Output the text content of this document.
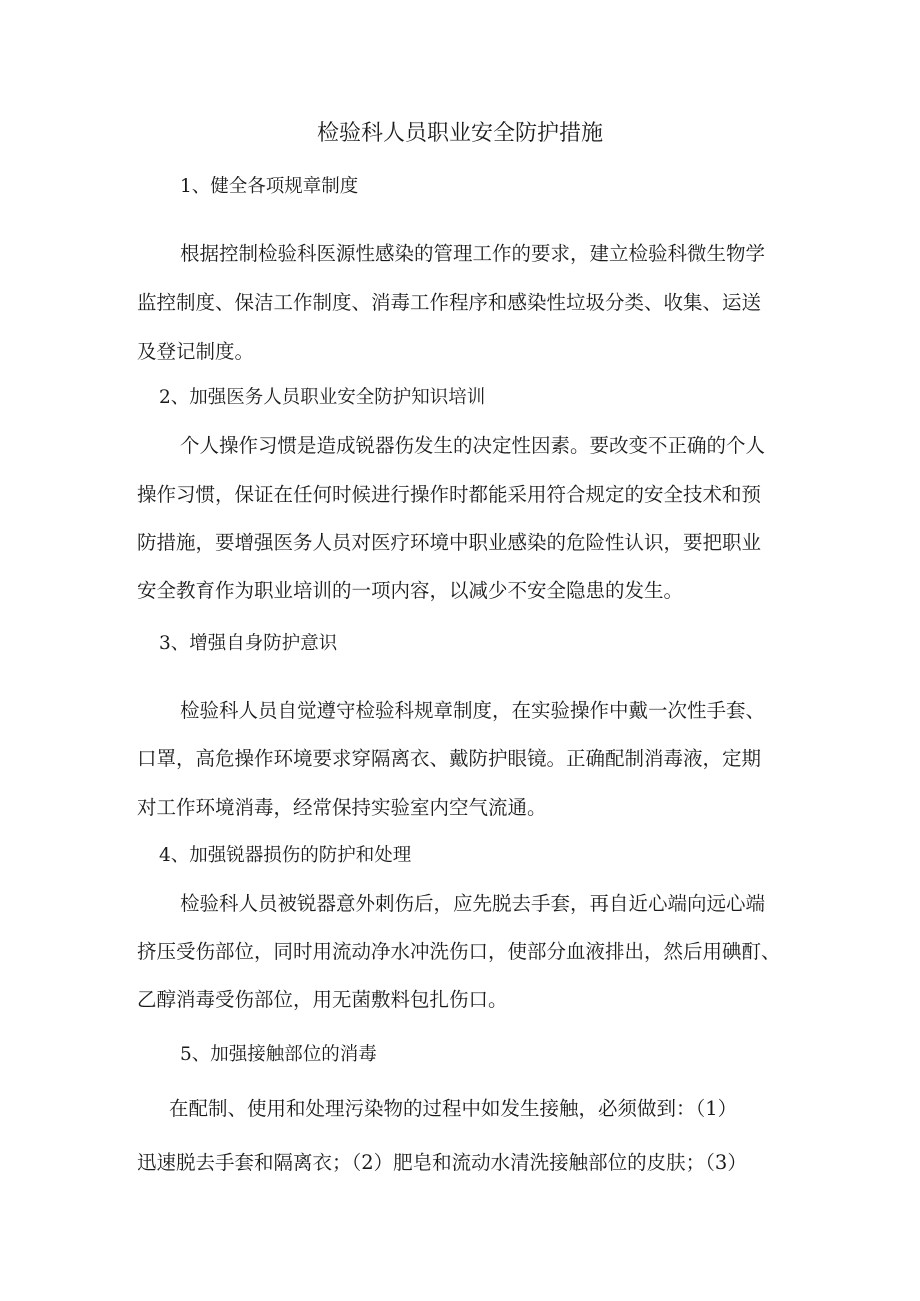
检验科人员职业安全防护措施
1、健全各项规章制度
根据控制检验科医源性感染的管理工作的要求，建立检验科微生物学
监控制度、保洁工作制度、消毒工作程序和感染性垃圾分类、收集、运送
及登记制度。
2、加强医务人员职业安全防护知识培训
个人操作习惯是造成锐器伤发生的决定性因素。要改变不正确的个人
操作习惯，保证在任何时候进行操作时都能采用符合规定的安全技术和预
防措施，要增强医务人员对医疗环境中职业感染的危险性认识，要把职业
安全教育作为职业培训的一项内容，以减少不安全隐患的发生。
3、增强自身防护意识
检验科人员自觉遵守检验科规章制度，在实验操作中戴一次性手套、
口罩，高危操作环境要求穿隔离衣、戴防护眼镜。正确配制消毒液，定期
对工作环境消毒，经常保持实验室内空气流通。
4、加强锐器损伤的防护和处理
检验科人员被锐器意外刺伤后，应先脱去手套，再自近心端向远心端
挤压受伤部位，同时用流动净水冲洗伤口，使部分血液排出，然后用碘酊、
乙醇消毒受伤部位，用无菌敷料包扎伤口。
5、加强接触部位的消毒
在配制、使用和处理污染物的过程中如发生接触，必须做到：（1）
迅速脱去手套和隔离衣；（2）肥皂和流动水清洗接触部位的皮肤；（3）
